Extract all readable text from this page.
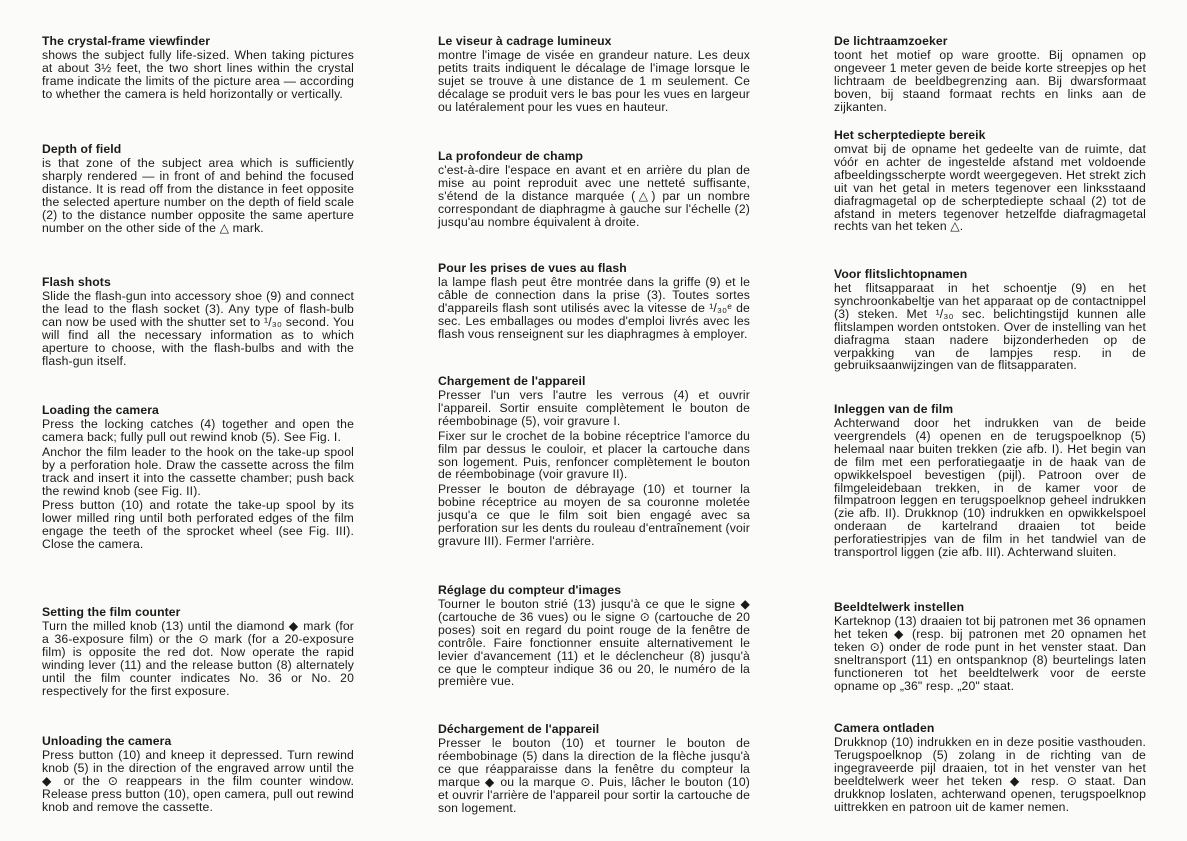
The crystal-frame viewfinder

shows the subject fully life-sized. When taking pictures at about 3½ feet, the two short lines within the crystal frame indicate the limits of the picture area — according to whether the camera is held horizontally or vertically.

Depth of field

is that zone of the subject area which is sufficiently sharply rendered — in front of and behind the focused distance. It is read off from the distance in feet opposite the selected aperture number on the depth of field scale (2) to the distance number opposite the same aperture number on the other side of the △ mark.

Flash shots

Slide the flash-gun into accessory shoe (9) and connect the lead to the flash socket (3). Any type of flash-bulb can now be used with the shutter set to ¹/₃₀ second. You will find all the necessary information as to which aperture to choose, with the flash-bulbs and with the flash-gun itself.

Loading the camera

Press the locking catches (4) together and open the camera back; fully pull out rewind knob (5). See Fig. I.

Anchor the film leader to the hook on the take-up spool by a perforation hole. Draw the cassette across the film track and insert it into the cassette chamber; push back the rewind knob (see Fig. II).

Press button (10) and rotate the take-up spool by its lower milled ring until both perforated edges of the film engage the teeth of the sprocket wheel (see Fig. III). Close the camera.

Setting the film counter

Turn the milled knob (13) until the diamond ◆ mark (for a 36-exposure film) or the ⊙ mark (for a 20-exposure film) is opposite the red dot. Now operate the rapid winding lever (11) and the release button (8) alternately until the film counter indicates No. 36 or No. 20 respectively for the first exposure.

Unloading the camera

Press button (10) and kneep it depressed. Turn rewind knob (5) in the direction of the engraved arrow until the ◆ or the ⊙ reappears in the film counter window. Release press button (10), open camera, pull out rewind knob and remove the cassette.

Le viseur à cadrage lumineux

montre l'image de visée en grandeur nature. Les deux petits traits indiquent le décalage de l'image lorsque le sujet se trouve à une distance de 1 m seulement. Ce décalage se produit vers le bas pour les vues en largeur ou latéralement pour les vues en hauteur.

La profondeur de champ

c'est-à-dire l'espace en avant et en arrière du plan de mise au point reproduit avec une netteté suffisante, s'étend de la distance marquée (△) par un nombre correspondant de diaphragme à gauche sur l'échelle (2) jusqu'au nombre équivalent à droite.

Pour les prises de vues au flash

la lampe flash peut être montrée dans la griffe (9) et le câble de connection dans la prise (3). Toutes sortes d'appareils flash sont utilisés avec la vitesse de ¹/₃₀ᵉ de sec. Les emballages ou modes d'emploi livrés avec les flash vous renseignent sur les diaphragmes à employer.

Chargement de l'appareil

Presser l'un vers l'autre les verrous (4) et ouvrir l'appareil. Sortir ensuite complètement le bouton de réembobinage (5), voir gravure I.

Fixer sur le crochet de la bobine réceptrice l'amorce du film par dessus le couloir, et placer la cartouche dans son logement. Puis, renfoncer complètement le bouton de réembobinage (voir gravure II).

Presser le bouton de débrayage (10) et tourner la bobine réceptrice au moyen de sa couronne moletée jusqu'a ce que le film soit bien engagé avec sa perforation sur les dents du rouleau d'entraînement (voir gravure III). Fermer l'arrière.

Réglage du compteur d'images

Tourner le bouton strié (13) jusqu'à ce que le signe ◆ (cartouche de 36 vues) ou le signe ⊙ (cartouche de 20 poses) soit en regard du point rouge de la fenêtre de contrôle. Faire fonctionner ensuite alternativement le levier d'avancement (11) et le déclencheur (8) jusqu'à ce que le compteur indique 36 ou 20, le numéro de la première vue.

Déchargement de l'appareil

Presser le bouton (10) et tourner le bouton de réembobinage (5) dans la direction de la flèche jusqu'à ce que réapparaisse dans la fenêtre du compteur la marque ◆ ou la marque ⊙. Puis, lâcher le bouton (10) et ouvrir l'arrière de l'appareil pour sortir la cartouche de son logement.

De lichtraamzoeker

toont het motief op ware grootte. Bij opnamen op ongeveer 1 meter geven de beide korte streepjes op het lichtraam de beeldbegrenzing aan. Bij dwarsformaat boven, bij staand formaat rechts en links aan de zijkanten.

Het scherptediepte bereik

omvat bij de opname het gedeelte van de ruimte, dat vóór en achter de ingestelde afstand met voldoende afbeeldingsscherpte wordt weergegeven. Het strekt zich uit van het getal in meters tegenover een linksstaand diafragmagetal op de scherptediepte schaal (2) tot de afstand in meters tegenover hetzelfde diafragmagetal rechts van het teken △.

Voor flitslichtopnamen

het flitsapparaat in het schoentje (9) en het synchroonkabeltje van het apparaat op de contactnippel (3) steken. Met ¹/₃₀ sec. belichtingstijd kunnen alle flitslampen worden ontstoken. Over de instelling van het diafragma staan nadere bijzonderheden op de verpakking van de lampjes resp. in de gebruiksaanwijzingen van de flitsapparaten.

Inleggen van de film

Achterwand door het indrukken van de beide veergrendels (4) openen en de terugspoelknop (5) helemaal naar buiten trekken (zie afb. I). Het begin van de film met een perforatiegaatje in de haak van de opwikkelspoel bevestigen (pijl). Patroon over de filmgeleidebaan trekken, in de kamer voor de filmpatroon leggen en terugspoelknop geheel indrukken (zie afb. II). Drukknop (10) indrukken en opwikkelspoel onderaan de kartelrand draaien tot beide perforatiestripjes van de film in het tandwiel van de transportrol liggen (zie afb. III). Achterwand sluiten.

Beeldtelwerk instellen

Karteknop (13) draaien tot bij patronen met 36 opnamen het teken ◆ (resp. bij patronen met 20 opnamen het teken ⊙) onder de rode punt in het venster staat. Dan sneltransport (11) en ontspanknop (8) beurtelings laten functioneren tot het beeldtelwerk voor de eerste opname op „36" resp. „20" staat.

Camera ontladen

Drukknop (10) indrukken en in deze positie vasthouden. Terugspoelknop (5) zolang in de richting van de ingegraveerde pijl draaien, tot in het venster van het beeldtelwerk weer het teken ◆ resp. ⊙ staat. Dan drukknop loslaten, achterwand openen, terugspoelknop uittrekken en patroon uit de kamer nemen.
